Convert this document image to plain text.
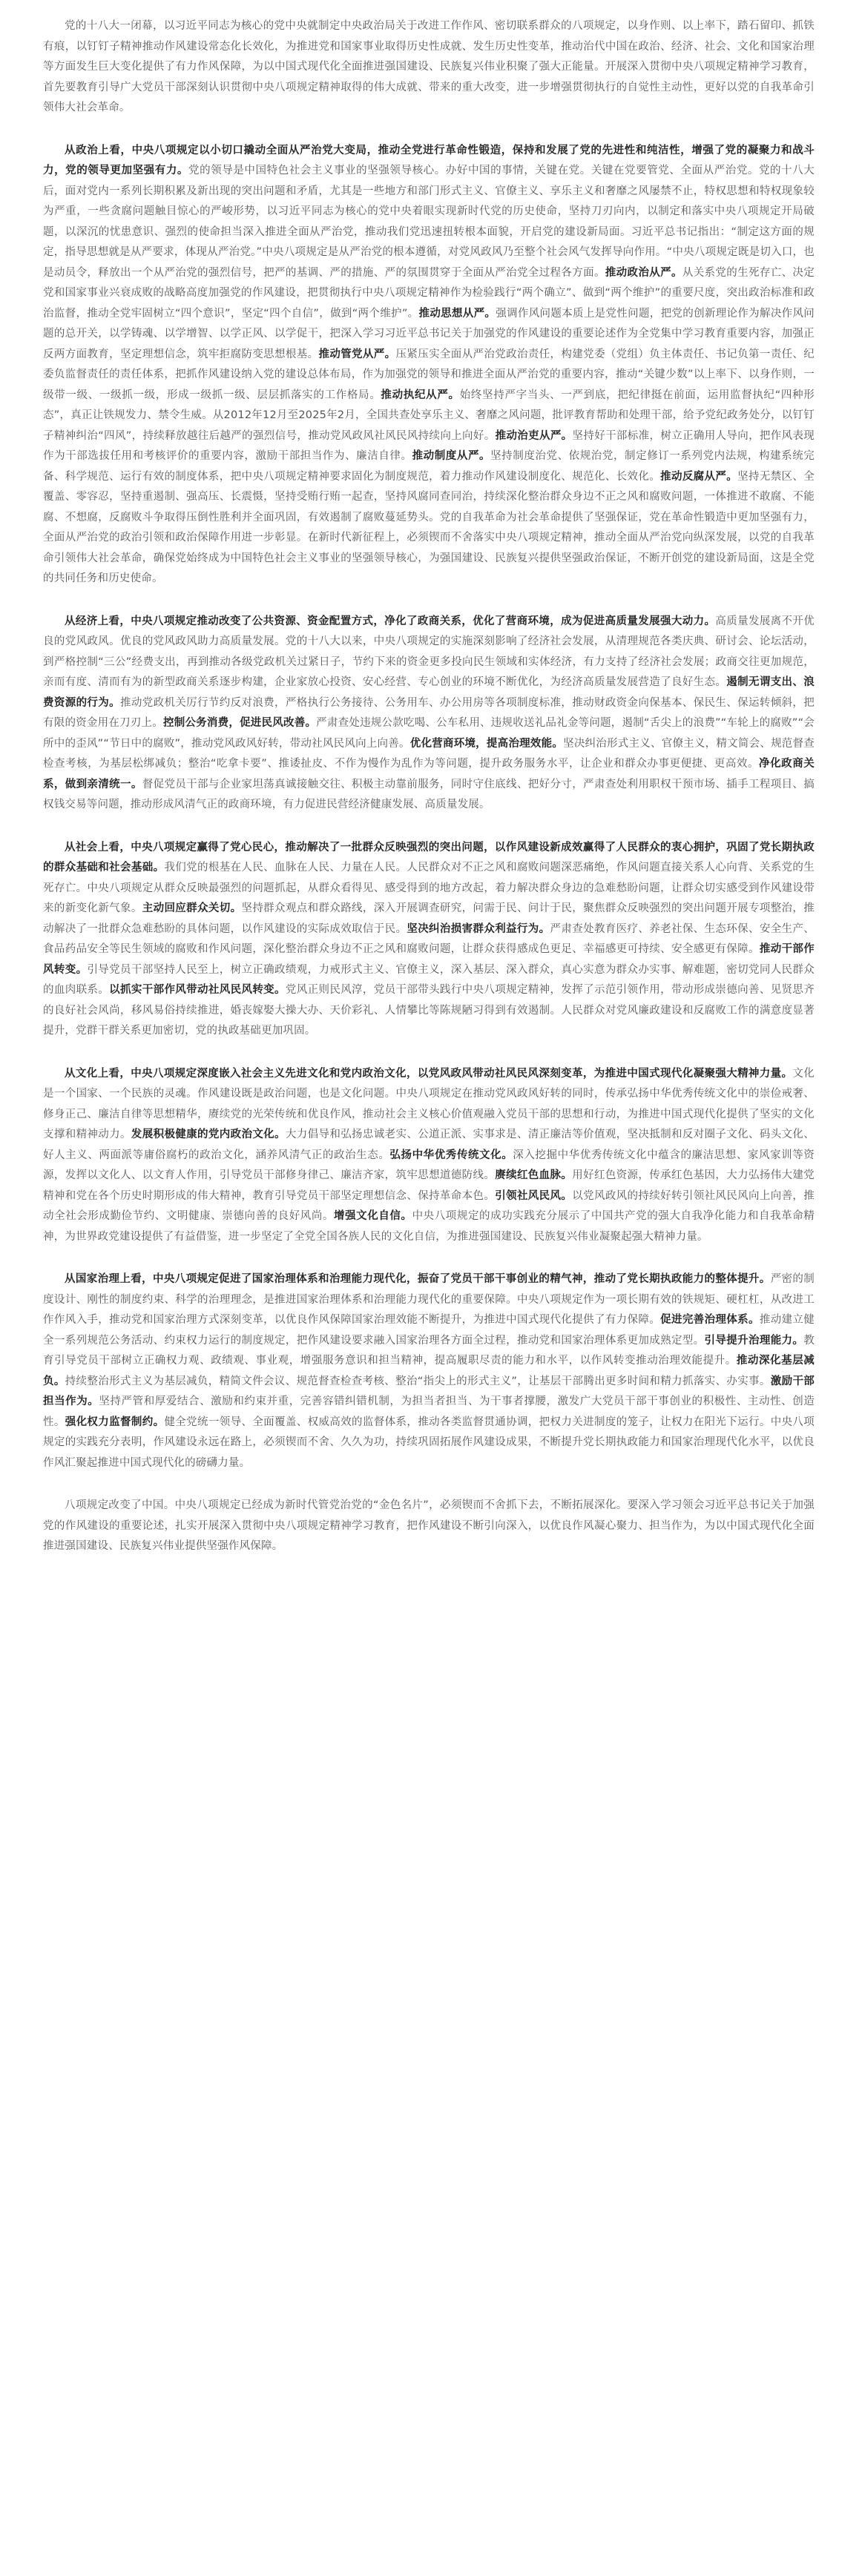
党的十八大一闭幕，以习近平同志为核心的党中央就制定中央政治局关于改进工作作风、密切联系群众的八项规定，以身作则、以上率下，踏石留印、抓铁有痕，以钉钉子精神推动作风建设常态化长效化，为推进党和国家事业取得历史性成就、发生历史性变革，推动治代中国在政治、经济、社会、文化和国家治理等方面发生巨大变化提供了有力作风保障，为以中国式现代化全面推进强国建设、民族复兴伟业积聚了强大正能量。开展深入贯彻中央八项规定精神学习教育，首先要教育引导广大党员干部深刻认识贯彻中央八项规定精神取得的伟大成就、带来的重大改变，进一步增强贯彻执行的自觉性主动性，更好以党的自我革命引领伟大社会革命。

从政治上看，中央八项规定以小切口撬动全面从严治党大变局，推动全党进行革命性锻造，保持和发展了党的先进性和纯洁性，增强了党的凝聚力和战斗力，党的领导更加坚强有力。党的领导是中国特色社会主义事业的坚强领导核心。办好中国的事情，关键在党。关键在党要管党、全面从严治党。党的十八大后，面对党内一系列长期积累及新出现的突出问题和矛盾，尤其是一些地方和部门形式主义、官僚主义、享乐主义和奢靡之风屡禁不止，特权思想和特权现象较为严重，一些贪腐问题触目惊心的严峻形势，以习近平同志为核心的党中央着眼实现新时代党的历史使命，坚持刀刃向内，以制定和落实中央八项规定开局破题，以深沉的忧患意识、强烈的使命担当深入推进全面从严治党，推动我们党迅速扭转根本面貌，开启党的建设新局面。习近平总书记指出：“制定这方面的规定，指导思想就是从严要求，体现从严治党。”中央八项规定是从严治党的根本遵循，对党风政风乃至整个社会风气发挥导向作用。“中央八项规定既是切入口，也是动员令，释放出一个从严治党的强烈信号，把严的基调、严的措施、严的氛围贯穿于全面从严治党全过程各方面。推动政治从严。从关系党的生死存亡、决定党和国家事业兴衰成败的战略高度加强党的作风建设，把贯彻执行中央八项规定精神作为检验践行“两个确立”、做到“两个维护”的重要尺度，突出政治标准和政治监督，推动全党牢固树立“四个意识”，坚定“四个自信”，做到“两个维护”。推动思想从严。强调作风问题本质上是党性问题，把党的创新理论作为解决作风问题的总开关，以学铸魂、以学增智、以学正风、以学促干，把深入学习习近平总书记关于加强党的作风建设的重要论述作为全党集中学习教育重要内容，加强正反两方面教育，坚定理想信念，筑牢拒腐防变思想根基。推动管党从严。压紧压实全面从严治党政治责任，构建党委（党组）负主体责任、书记负第一责任、纪委负监督责任的责任体系，把抓作风建设纳入党的建设总体布局，作为加强党的领导和推进全面从严治党的重要内容，推动“关键少数”以上率下、以身作则，一级带一级、一级抓一级，形成一级抓一级、层层抓落实的工作格局。推动执纪从严。始终坚持严字当头、一严到底，把纪律挺在前面，运用监督执纪“四种形态”，真正让铁规发力、禁令生威。从2012年12月至2025年2月，全国共查处享乐主义、奢靡之风问题，批评教育帮助和处理干部，给予党纪政务处分，以钉钉子精神纠治“四风”，持续释放越往后越严的强烈信号，推动党风政风社风民风持续向上向好。推动治吏从严。坚持好干部标准，树立正确用人导向，把作风表现作为干部选拔任用和考核评价的重要内容，激励干部担当作为、廉洁自律。推动制度从严。坚持制度治党、依规治党，制定修订一系列党内法规，构建系统完备、科学规范、运行有效的制度体系，把中央八项规定精神要求固化为制度规范，着力推动作风建设制度化、规范化、长效化。推动反腐从严。坚持无禁区、全覆盖、零容忍，坚持重遏制、强高压、长震慑，坚持受贿行贿一起查，坚持风腐同查同治，持续深化整治群众身边不正之风和腐败问题，一体推进不敢腐、不能腐、不想腐，反腐败斗争取得压倒性胜利并全面巩固，有效遏制了腐败蔓延势头。党的自我革命为社会革命提供了坚强保证，党在革命性锻造中更加坚强有力，全面从严治党的政治引领和政治保障作用进一步彰显。在新时代新征程上，必须锲而不舍落实中央八项规定精神，推动全面从严治党向纵深发展，以党的自我革命引领伟大社会革命，确保党始终成为中国特色社会主义事业的坚强领导核心，为强国建设、民族复兴提供坚强政治保证，不断开创党的建设新局面，这是全党的共同任务和历史使命。

从经济上看，中央八项规定推动改变了公共资源、资金配置方式，净化了政商关系，优化了营商环境，成为促进高质量发展强大动力。高质量发展离不开优良的党风政风。优良的党风政风助力高质量发展。党的十八大以来，中央八项规定的实施深刻影响了经济社会发展，从清理规范各类庆典、研讨会、论坛活动，到严格控制“三公”经费支出，再到推动各级党政机关过紧日子，节约下来的资金更多投向民生领域和实体经济，有力支持了经济社会发展；政商交往更加规范，亲而有度、清而有为的新型政商关系逐步构建，企业家放心投资、安心经营、专心创业的环境不断优化，为经济高质量发展营造了良好生态。遏制无谓支出、浪费资源的行为。推动党政机关厉行节约反对浪费，严格执行公务接待、公务用车、办公用房等各项制度标准，推动财政资金向保基本、保民生、保运转倾斜，把有限的资金用在刀刃上。控制公务消费，促进民风改善。严肃查处违规公款吃喝、公车私用、违规收送礼品礼金等问题，遏制“舌尖上的浪费”“车轮上的腐败”“会所中的歪风”“节日中的腐败”，推动党风政风好转，带动社风民风向上向善。优化营商环境，提高治理效能。坚决纠治形式主义、官僚主义，精文简会、规范督查检查考核，为基层松绑减负；整治“吃拿卡要”、推诿扯皮、不作为慢作为乱作为等问题，提升政务服务水平，让企业和群众办事更便捷、更高效。净化政商关系，做到亲清统一。督促党员干部与企业家坦荡真诚接触交往、积极主动靠前服务，同时守住底线、把好分寸，严肃查处利用职权干预市场、插手工程项目、搞权钱交易等问题，推动形成风清气正的政商环境，有力促进民营经济健康发展、高质量发展。

从社会上看，中央八项规定赢得了党心民心，推动解决了一批群众反映强烈的突出问题，以作风建设新成效赢得了人民群众的衷心拥护，巩固了党长期执政的群众基础和社会基础。我们党的根基在人民、血脉在人民、力量在人民。人民群众对不正之风和腐败问题深恶痛绝，作风问题直接关系人心向背、关系党的生死存亡。中央八项规定从群众反映最强烈的问题抓起，从群众看得见、感受得到的地方改起，着力解决群众身边的急难愁盼问题，让群众切实感受到作风建设带来的新变化新气象。主动回应群众关切。坚持群众观点和群众路线，深入开展调查研究，问需于民、问计于民，聚焦群众反映强烈的突出问题开展专项整治，推动解决了一批群众急难愁盼的具体问题，以作风建设的实际成效取信于民。坚决纠治损害群众利益行为。严肃查处教育医疗、养老社保、生态环保、安全生产、食品药品安全等民生领域的腐败和作风问题，深化整治群众身边不正之风和腐败问题，让群众获得感成色更足、幸福感更可持续、安全感更有保障。推动干部作风转变。引导党员干部坚持人民至上，树立正确政绩观，力戒形式主义、官僚主义，深入基层、深入群众，真心实意为群众办实事、解难题，密切党同人民群众的血肉联系。以抓实干部作风带动社风民风转变。党风正则民风淳，党员干部带头践行中央八项规定精神，发挥了示范引领作用，带动形成崇德向善、见贤思齐的良好社会风尚，移风易俗持续推进，婚丧嫁娶大操大办、天价彩礼、人情攀比等陈规陋习得到有效遏制。人民群众对党风廉政建设和反腐败工作的满意度显著提升，党群干群关系更加密切，党的执政基础更加巩固。

从文化上看，中央八项规定深度嵌入社会主义先进文化和党内政治文化，以党风政风带动社风民风深刻变革，为推进中国式现代化凝聚强大精神力量。文化是一个国家、一个民族的灵魂。作风建设既是政治问题，也是文化问题。中央八项规定在推动党风政风好转的同时，传承弘扬中华优秀传统文化中的崇俭戒奢、修身正己、廉洁自律等思想精华，赓续党的光荣传统和优良作风，推动社会主义核心价值观融入党员干部的思想和行动，为推进中国式现代化提供了坚实的文化支撑和精神动力。发展积极健康的党内政治文化。大力倡导和弘扬忠诚老实、公道正派、实事求是、清正廉洁等价值观，坚决抵制和反对圈子文化、码头文化、好人主义、两面派等庸俗腐朽的政治文化，涵养风清气正的政治生态。弘扬中华优秀传统文化。深入挖掘中华优秀传统文化中蕴含的廉洁思想、家风家训等资源，发挥以文化人、以文育人作用，引导党员干部修身律己、廉洁齐家，筑牢思想道德防线。赓续红色血脉。用好红色资源，传承红色基因，大力弘扬伟大建党精神和党在各个历史时期形成的伟大精神，教育引导党员干部坚定理想信念、保持革命本色。引领社风民风。以党风政风的持续好转引领社风民风向上向善，推动全社会形成勤俭节约、文明健康、崇德向善的良好风尚。增强文化自信。中央八项规定的成功实践充分展示了中国共产党的强大自我净化能力和自我革命精神，为世界政党建设提供了有益借鉴，进一步坚定了全党全国各族人民的文化自信，为推进强国建设、民族复兴伟业凝聚起强大精神力量。

从国家治理上看，中央八项规定促进了国家治理体系和治理能力现代化，振奋了党员干部干事创业的精气神，推动了党长期执政能力的整体提升。严密的制度设计、刚性的制度约束、科学的治理理念，是推进国家治理体系和治理能力现代化的重要保障。中央八项规定作为一项长期有效的铁规矩、硬杠杠，从改进工作作风入手，推动党和国家治理方式深刻变革，以优良作风保障国家治理效能不断提升，为推进中国式现代化提供了有力保障。促进完善治理体系。推动建立健全一系列规范公务活动、约束权力运行的制度规定，把作风建设要求融入国家治理各方面全过程，推动党和国家治理体系更加成熟定型。引导提升治理能力。教育引导党员干部树立正确权力观、政绩观、事业观，增强服务意识和担当精神，提高履职尽责的能力和水平，以作风转变推动治理效能提升。推动深化基层减负。持续整治形式主义为基层减负，精简文件会议、规范督查检查考核、整治“指尖上的形式主义”，让基层干部腾出更多时间和精力抓落实、办实事。激励干部担当作为。坚持严管和厚爱结合、激励和约束并重，完善容错纠错机制，为担当者担当、为干事者撑腰，激发广大党员干部干事创业的积极性、主动性、创造性。强化权力监督制约。健全党统一领导、全面覆盖、权威高效的监督体系，推动各类监督贯通协调，把权力关进制度的笼子，让权力在阳光下运行。中央八项规定的实践充分表明，作风建设永远在路上，必须锲而不舍、久久为功，持续巩固拓展作风建设成果，不断提升党长期执政能力和国家治理现代化水平，以优良作风汇聚起推进中国式现代化的磅礴力量。

八项规定改变了中国。中央八项规定已经成为新时代管党治党的“金色名片”，必须锲而不舍抓下去，不断拓展深化。要深入学习领会习近平总书记关于加强党的作风建设的重要论述，扎实开展深入贯彻中央八项规定精神学习教育，把作风建设不断引向深入，以优良作风凝心聚力、担当作为，为以中国式现代化全面推进强国建设、民族复兴伟业提供坚强作风保障。
